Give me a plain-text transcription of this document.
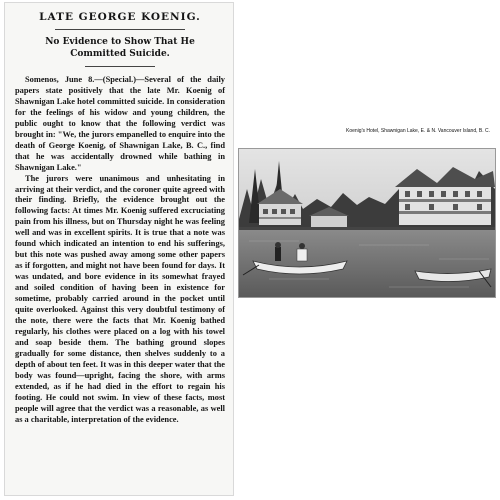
LATE GEORGE KOENIG.
No Evidence to Show That He Committed Suicide.

Somenos, June 8.—(Special.)—Several of the daily papers state positively that the late Mr. Koenig of Shawnigan Lake hotel committed suicide. In consideration for the feelings of his widow and young children, the public ought to know that the following verdict was brought in: "We, the jurors empanelled to enquire into the death of George Koenig, of Shawnigan Lake, B. C., find that he was accidentally drowned while bathing in Shawnigan Lake."

The jurors were unanimous and unhesitating in arriving at their verdict, and the coroner quite agreed with their finding. Briefly, the evidence brought out the following facts: At times Mr. Koenig suffered excruciating pain from his illness, but on Thursday night he was feeling well and was in excellent spirits. It is true that a note was found which indicated an intention to end his sufferings, but this note was pushed away among some other papers as if forgotten, and might not have been found for days. It was undated, and bore evidence in its somewhat frayed and soiled condition of having been in existence for sometime, probably carried around in the pocket until quite overlooked. Against this very doubtful testimony of the note, there were the facts that Mr. Koenig bathed regularly, his clothes were placed on a log with his towel and soap beside them. The bathing ground slopes gradually for some distance, then shelves suddenly to a depth of about ten feet. It was in this deeper water that the body was found—upright, facing the shore, with arms extended, as if he had died in the effort to regain his footing. He could not swim. In view of these facts, most people will agree that the verdict was a reasonable, as well as a charitable, interpretation of the evidence.

Koenig's Hotel, Shawnigan Lake, E. & N. Vancouver Island, B. C.
